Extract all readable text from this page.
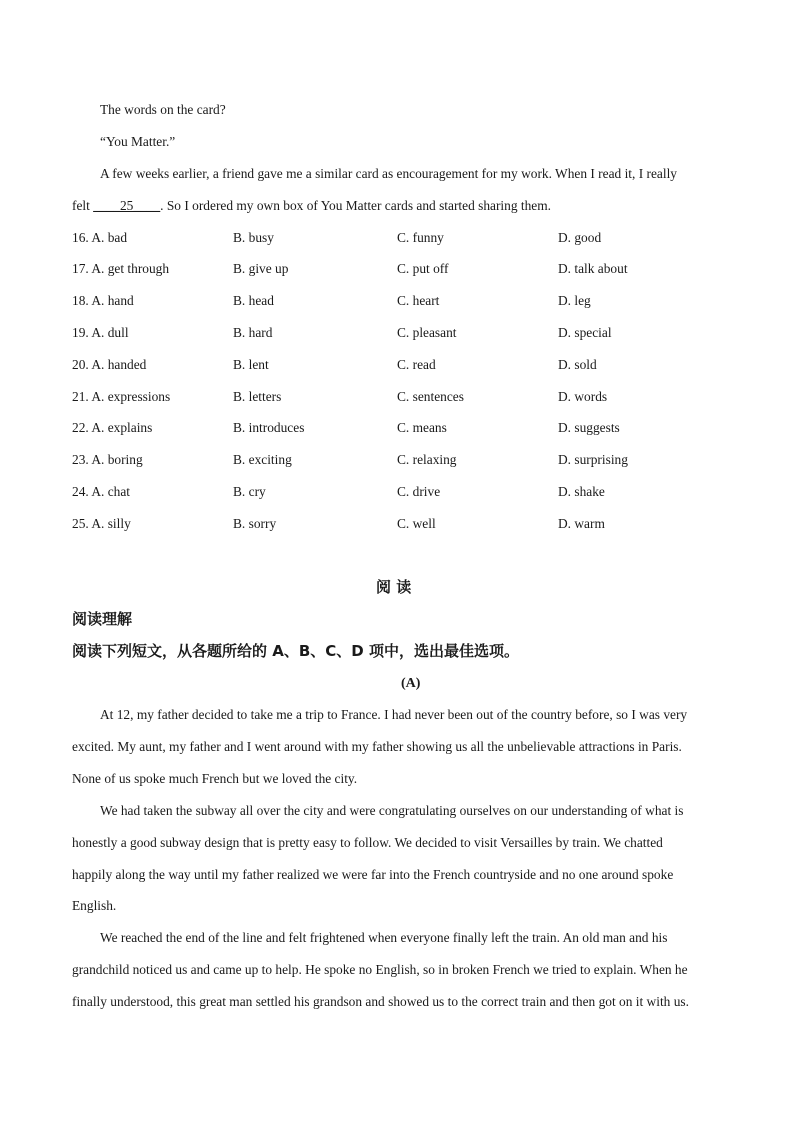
The words on the card?
“You Matter.”
A few weeks earlier, a friend gave me a similar card as encouragement for my work. When I read it, I really
felt ____25____. So I ordered my own box of You Matter cards and started sharing them.
16. A. bad	B. busy	C. funny	D. good
17. A. get through	B. give up	C. put off	D. talk about
18. A. hand	B. head	C. heart	D. leg
19. A. dull	B. hard	C. pleasant	D. special
20. A. handed	B. lent	C. read	D. sold
21. A. expressions	B. letters	C. sentences	D. words
22. A. explains	B. introduces	C. means	D. suggests
23. A. boring	B. exciting	C. relaxing	D. surprising
24. A. chat	B. cry	C. drive	D. shake
25. A. silly	B. sorry	C. well	D. warm
阅 读
阅读理解
阅读下列短文，从各题所给的 A、B、C、D 项中，选出最佳选项。
(A)
At 12, my father decided to take me a trip to France. I had never been out of the country before, so I was very
excited. My aunt, my father and I went around with my father showing us all the unbelievable attractions in Paris.
None of us spoke much French but we loved the city.
We had taken the subway all over the city and were congratulating ourselves on our understanding of what is
honestly a good subway design that is pretty easy to follow. We decided to visit Versailles by train. We chatted
happily along the way until my father realized we were far into the French countryside and no one around spoke
English.
We reached the end of the line and felt frightened when everyone finally left the train. An old man and his
grandchild noticed us and came up to help. He spoke no English, so in broken French we tried to explain. When he
finally understood, this great man settled his grandson and showed us to the correct train and then got on it with us.
